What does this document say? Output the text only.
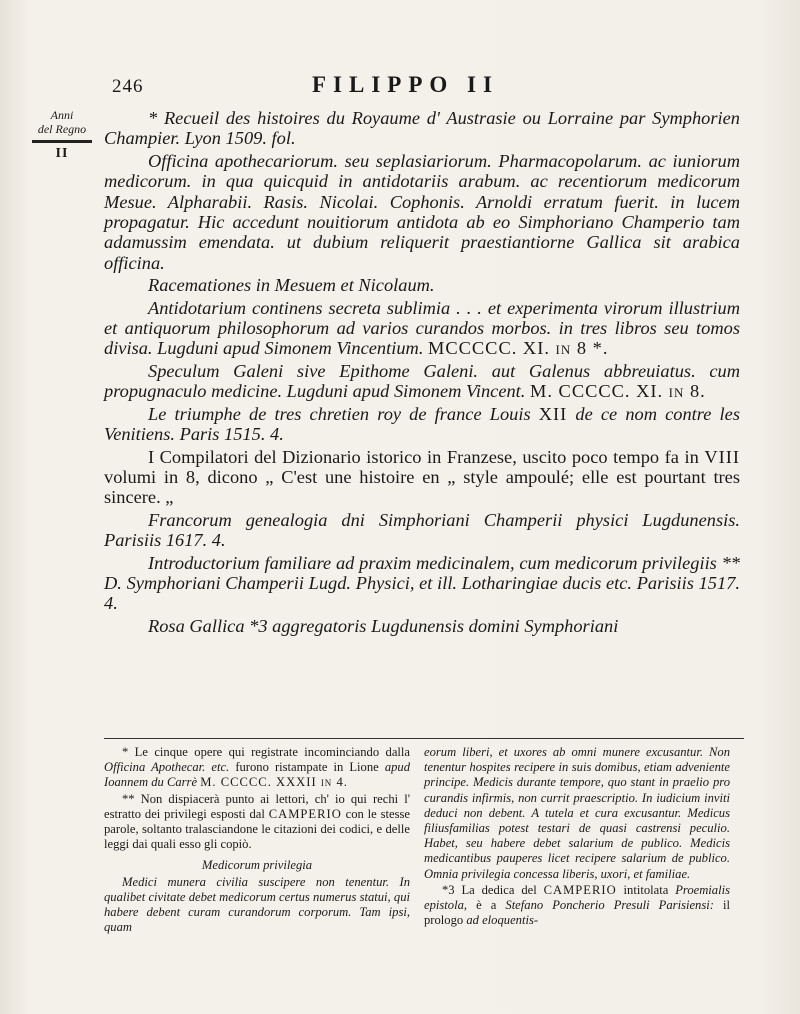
246	FILIPPO II
Anni
del Regno
II

* Recueil des histoires du Royaume d' Austrasie ou Lorraine par Symphorien Champier. Lyon 1509. fol.

Officina apothecariorum. seu seplasiariorum. Pharmacopolarum. ac iuniorum medicorum. in qua quicquid in antidotariis arabum. ac recentiorum medicorum Mesue. Alpharabii. Rasis. Nicolai. Cophonis. Arnoldi erratum fuerit. in lucem propagatur. Hic accedunt nouitiorum antidota ab eo Simphoriano Champerio tam adamussim emendata. ut dubium reliquerit praestiantiorne Gallica sit arabica officina.

Racemationes in Mesuem et Nicolaum.

Antidotarium continens secreta sublimia . . . et experimenta virorum illustrium et antiquorum philosophorum ad varios curandos morbos. in tres libros seu tomos divisa. Lugduni apud Simonem Vincentium. MCCCCC. XI. in 8 *.

Speculum Galeni sive Epithome Galeni. aut Galenus abbreuiatus. cum propugnaculo medicine. Lugduni apud Simonem Vincent. M. CCCCC. XI. in 8.

Le triumphe de tres chretien roy de france Louis XII de ce nom contre les Venitiens. Paris 1515. 4.

I Compilatori del Dizionario istorico in Franzese, uscito poco tempo fa in VIII volumi in 8, dicono „ C'est une histoire en „ style ampoulé; elle est pourtant tres sincere. „

Francorum genealogia dni Simphoriani Champerii physici Lugdunensis. Parisiis 1617. 4.

Introductorium familiare ad praxim medicinalem, cum medicorum privilegiis ** D. Symphoriani Champerii Lugd. Physici, et ill. Lotharingiae ducis etc. Parisiis 1517. 4.

Rosa Gallica *3 aggregatoris Lugdunensis domini Symphoriani

* Le cinque opere qui registrate incominciando dalla Officina Apothecar. etc. furono ristampate in Lione apud Ioannem du Carrè M. CCCCC. XXXII in 4.

** Non dispiacerà punto ai lettori, ch' io qui rechi l' estratto dei privilegi esposti dal CAMPERIO con le stesse parole, soltanto tralasciandone le citazioni dei codici, e delle leggi dai quali esso gli copiò.

Medicorum privilegia

Medici munera civilia suscipere non tenentur. In qualibet civitate debet medicorum certus numerus statui, qui habere debent curam curandorum corporum. Tam ipsi, quam

eorum liberi, et uxores ab omni munere excusantur. Non tenentur hospites recipere in suis domibus, etiam adveniente principe. Medicis durante tempore, quo stant in praelio pro curandis infirmis, non currit praescriptio. In iudicium inviti deduci non debent. A tutela et cura excusantur. Medicus filiusfamilias potest testari de quasi castrensi peculio. Habet, seu habere debet salarium de publico. Medicis medicantibus pauperes licet recipere salarium de publico. Omnia privilegia concessa liberis, uxori, et familiae.

*3 La dedica del CAMPERIO intitolata Proemialis epistola, è a Stefano Poncherio Presuli Parisiensi: il prologo ad eloquentis-
